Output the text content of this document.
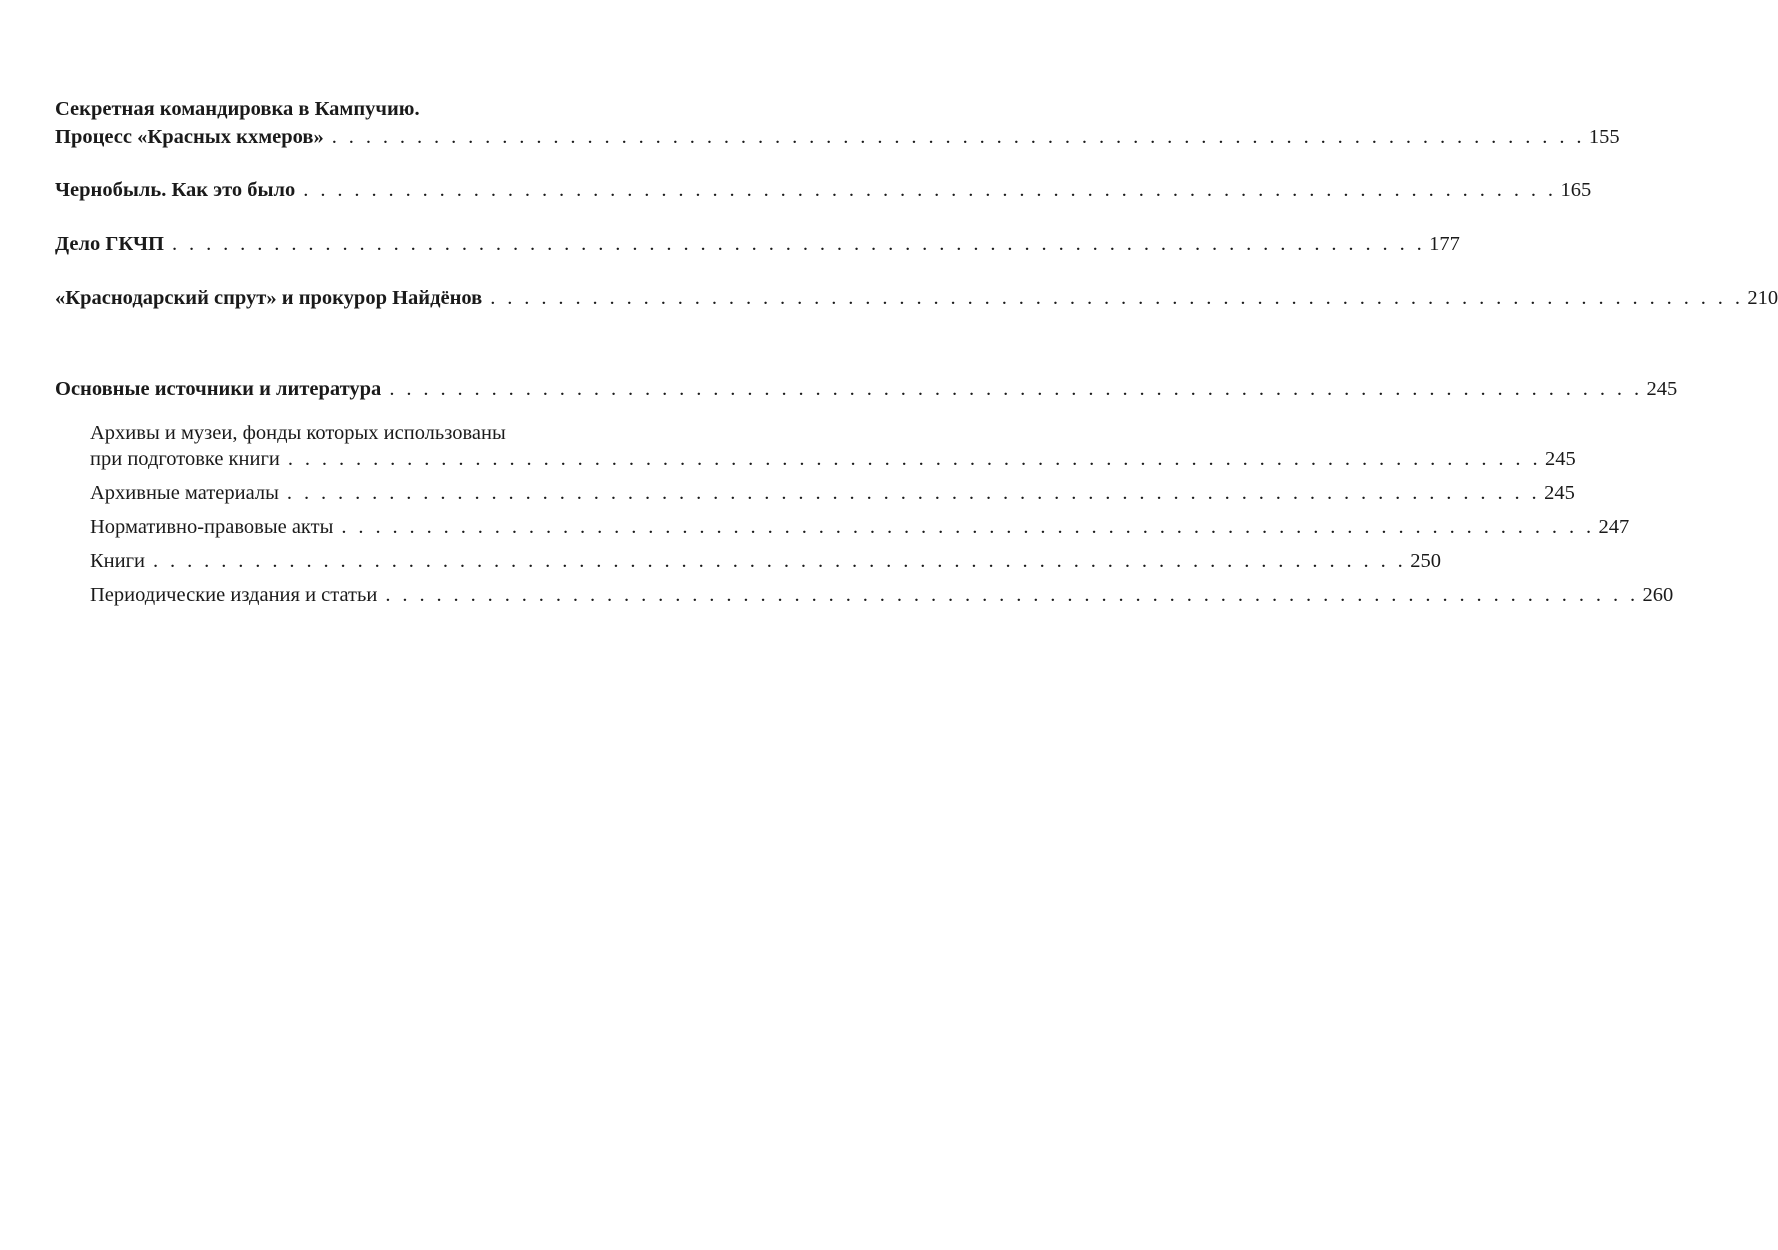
Секретная командировка в Кампучию.
Процесс «Красных кхмеров» . . . . . . . . . . . . . . . . . . . . . . . . . . . . . . . . . . . . . . . . . . . . . . . . . . . . . . . . . . . . . . . . . . . . . . . . . . 155
Чернобыль. Как это было . . . . . . . . . . . . . . . . . . . . . . . . . . . . . . . . . . . . . . . . . . . . . . . . . . . . . . . . . . . . . . . . . . . . . . . . . . 165
Дело ГКЧП . . . . . . . . . . . . . . . . . . . . . . . . . . . . . . . . . . . . . . . . . . . . . . . . . . . . . . . . . . . . . . . . . . . . . . . . . . 177
«Краснодарский спрут» и прокурор Найдёнов . . . . . . . . . . . . . . . . . . . . . . . . . . . . . . . . . . . . . . . . . . . . . . . . . . . . . . . . . . . . . . . . . . . . . . . . . . 210
Основные источники и литература . . . . . . . . . . . . . . . . . . . . . . . . . . . . . . . . . . . . . . . . . . . . . . . . . . . . . . . . . . . . . . . . . . . . . . . . . . 245
Архивы и музеи, фонды которых использованы
при подготовке книги . . . . . . . . . . . . . . . . . . . . . . . . . . . . . . . . . . . . . . . . . . . . . . . . . . . . . . . . . . . . . . . . . . . . . . . . . . 245
Архивные материалы . . . . . . . . . . . . . . . . . . . . . . . . . . . . . . . . . . . . . . . . . . . . . . . . . . . . . . . . . . . . . . . . . . . . . . . . . . 245
Нормативно-правовые акты . . . . . . . . . . . . . . . . . . . . . . . . . . . . . . . . . . . . . . . . . . . . . . . . . . . . . . . . . . . . . . . . . . . . . . . . . . 247
Книги . . . . . . . . . . . . . . . . . . . . . . . . . . . . . . . . . . . . . . . . . . . . . . . . . . . . . . . . . . . . . . . . . . . . . . . . . . 250
Периодические издания и статьи . . . . . . . . . . . . . . . . . . . . . . . . . . . . . . . . . . . . . . . . . . . . . . . . . . . . . . . . . . . . . . . . . . . . . . . . . . 260
